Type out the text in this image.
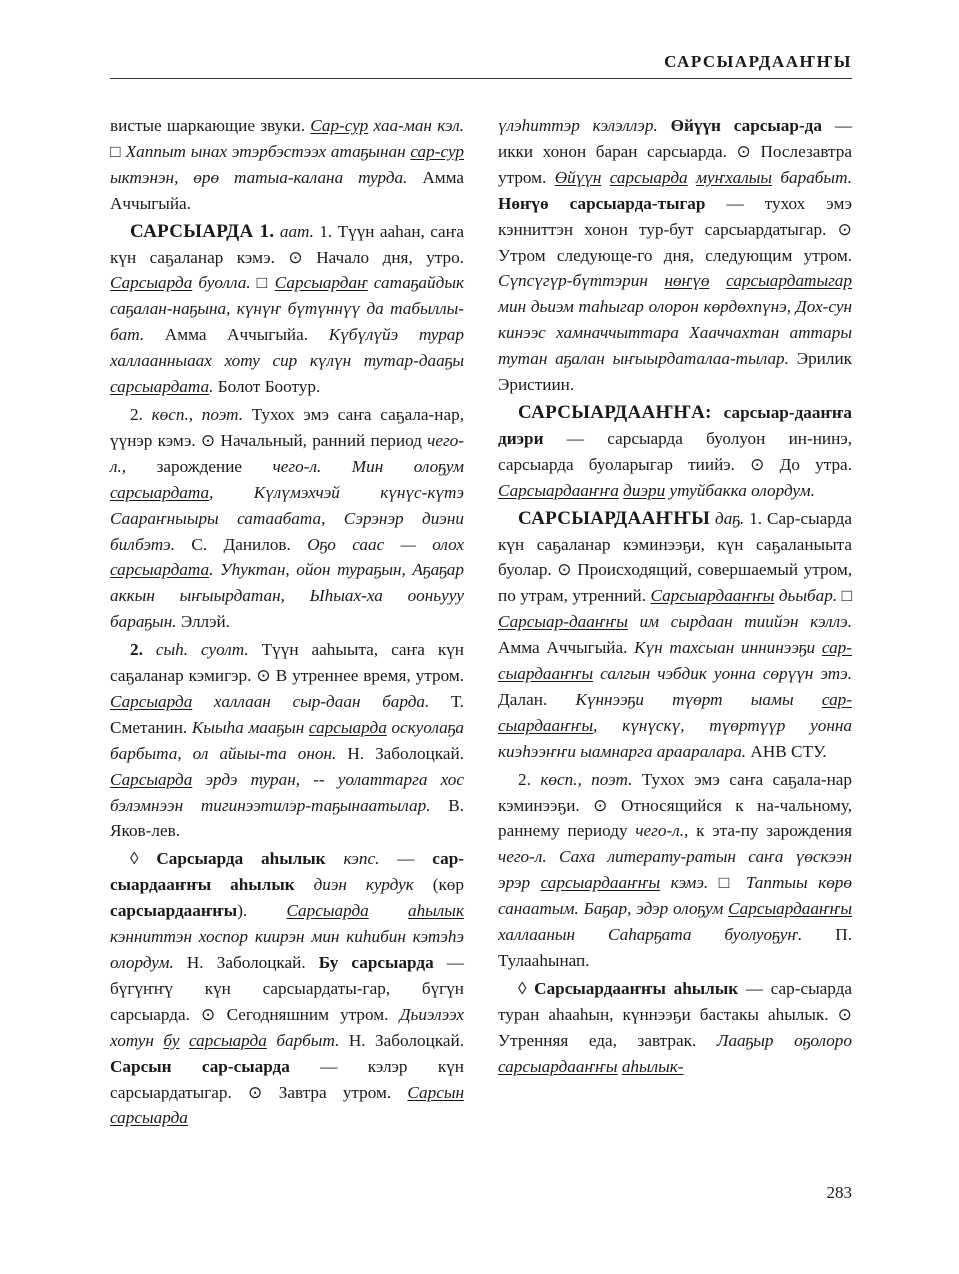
САРСЫАРДААҤҤЫ

вистые шаркающие звуки. Сар-сур хаа-ман кэл. □ Хаппыт ынах этэрбэстээх атаҕынан сар-сур ыктэнэн, өрө татыа-калана турда. Амма Аччыгыйа.

САРСЫАРДА 1. аат. 1. Түүн ааһан, саҥа күн саҕаланар кэмэ. ⊙ Начало дня, утро. Сарсыарда буолла. □ Сарсыардаҥ сатаҕайдык саҕалан-наҕына, күнүҥ бүтүннүү да табыллы-бат. Амма Аччыгыйа. Күбүлүйэ турар халлаанныаах хоту сир күлүн тутар-дааҕы сарсыардата. Болот Боотур.

2. көсп., поэт. Тухох эмэ саҥа саҕала-нар, үүнэр кэмэ. ⊙ Начальный, ранний период чего-л., зарождение чего-л. Мин олоҕум сарсыардата, Күлүмэхчэй күнүс-күтэ Саараҥныыры сатаабата, Сэрэнэр диэни билбэтэ. С. Данилов. Оҕо саас — олох сарсыардата. Уһуктан, ойон тураҕын, Аҕаҕар аккын ыҥыырдатан, Ыһыах-ха ооньууу бараҕын. Эллэй.

2. сыһ. суолт. Түүн ааһыыта, саҥа күн саҕаланар кэмигэр. ⊙ В утреннее время, утром. Сарсыарда халлаан сыр-даан барда. Т. Сметанин. Кыыһа мааҕын сарсыарда оскуолаҕа барбыта, ол айыы-та онон. Н. Заболоцкай. Сарсыарда эрдэ туран, -- уолаттарга хос бэлэмнээн тигинээтилэр-таҕынаатылар. В. Яков-лев.

◊ Сарсыарда аһылык кэпс. — сар-сыардааҥҥы аһылык диэн курдук (көр сарсыардааҥҥы). Сарсыарда аһылык кэнниттэн хоспор киирэн мин киһибин кэтэһэ олордум. Н. Заболоцкай. Бу сарсыарда — бүгүҥҥү күн сарсыардаты-гар, бүгүн сарсыарда. ⊙ Сегодняшним утром. Дьиэлээх хотун бу сарсыарда барбыт. Н. Заболоцкай. Сарсын сар-сыарда — кэлэр күн сарсыардатыгар. ⊙ Завтра утром. Сарсын сарсыарда

үлэһиттэр кэлэллэр. Өйүүн сарсыар-да — икки хонон баран сарсыарда. ⊙ Послезавтра утром. Өйүүн сарсыарда муҥхалыы барабыт. Нөҥүө сарсыарда-тыгар — тухох эмэ кэнниттэн хонон тур-бут сарсыардатыгар. ⊙ Утром следующе-го дня, следующим утром. Сүпсүгүр-бүттэрин нөҥүө сарсыардатыгар мин дьиэм таһыгар олорон көрдөхпүнэ, Дох-сун кинээс хамначчыттара Хааччахтан аттары тутан аҕалан ыҥыырдаталаа-тылар. Эрилик Эристиин.

САРСЫАРДААҤҤА: сарсыар-дааҥҥа диэри — сарсыарда буолуон ин-нинэ, сарсыарда буоларыгар тиийэ. ⊙ До утра. Сарсыардааҥҥа диэри утуйбакка олордум.

САРСЫАРДААҤҤЫ даҕ. 1. Сар-сыарда күн саҕаланар кэминээҕи, күн саҕаланыыта буолар. ⊙ Происходящий, совершаемый утром, по утрам, утренний. Сарсыардааҥҥы дьыбар. □ Сарсыар-дааҥҥы им сырдаан тиийэн кэллэ. Амма Аччыгыйа. Күн тахсыан иннинээҕи сар-сыардааҥҥы салгын чэбдик уонна сөрүүн этэ. Далан. Күннээҕи түөрт ыамы сар-сыардааҥҥы, күнүскү, түөртүүр уонна киэһээҥҥи ыамнарга арааралара. АНВ СТУ.

2. көсп., поэт. Тухох эмэ саҥа саҕала-нар кэминээҕи. ⊙ Относящийся к на-чальному, раннему периоду чего-л., к эта-пу зарождения чего-л. Саха литерату-ратын саҥа үөскээн эрэр сарсыардааҥҥы кэмэ. □ Таптыы көрө санаатым. Баҕар, эдэр олоҕум Сарсыардааҥҥы халлаанын Саһарҕата буолуоҕуҥ. П. Тулааһынап.

◊ Сарсыардааҥҥы аһылык — сар-сыарда туран аһааһын, күннээҕи бастакы аһылык. ⊙ Утренняя еда, завтрак. Лааҕыр оҕолоро сарсыардааҥҥы аһылык-

283
